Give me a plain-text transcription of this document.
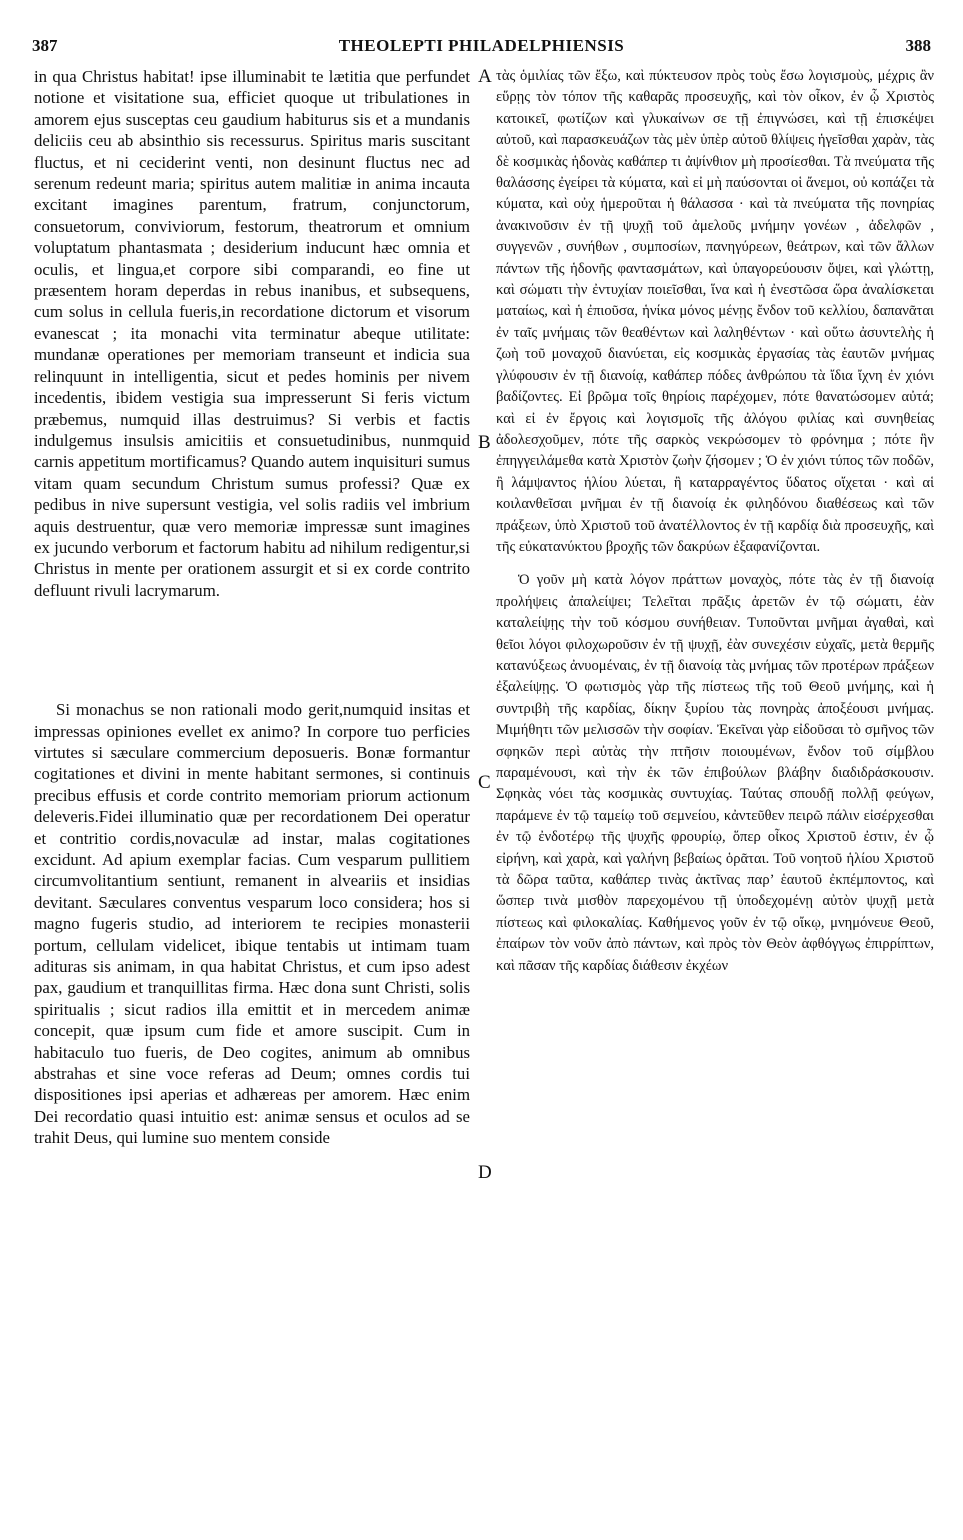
387	THEOLEPTI PHILADELPHIENSIS	388

in qua Christus habitat! ipse illuminabit te lætitia que perfundet notione et visitatione sua, efficiet quoque ut tribulationes in amorem ejus susceptas ceu gaudium habiturus sis et a mundanis deliciis ceu ab absinthio sis recessurus. Spiritus maris suscitant fluctus, et ni ceciderint venti, non desinunt fluctus nec ad serenum redeunt maria; spiritus autem malitiæ in anima incauta excitant imagines parentum, fratrum, conjunctorum, consuetorum, conviviorum, festorum, theatrorum et omnium voluptatum phantasmata ; desiderium inducunt hæc omnia et oculis, et lingua,et corpore sibi comparandi, eo fine ut præsentem horam deperdas in rebus inanibus, et subsequens, cum solus in cellula fueris,in recordatione dictorum et visorum evanescat ; ita monachi vita terminatur abeque utilitate: mundanæ operationes per memoriam transeunt et indicia sua relinquunt in intelligentia, sicut et pedes hominis per nivem incedentis, ibidem vestigia sua impresserunt Si feris victum præbemus, numquid illas destruimus? Si verbis et factis indulgemus insulsis amicitiis et consuetudinibus, nunmquid carnis appetitum mortificamus? Quando autem inquisituri sumus vitam quam secundum Christum sumus professi? Quæ ex pedibus in nive supersunt vestigia, vel solis radiis vel imbrium aquis destruentur, quæ vero memoriæ impressæ sunt imagines ex jucundo verborum et factorum habitu ad nihilum redigentur,si Christus in mente per orationem assurgit et si ex corde contrito defluunt rivuli lacrymarum.

Si monachus se non rationali modo gerit,numquid insitas et impressas opiniones evellet ex animo? In corpore tuo perficies virtutes si sæculare commercium deposueris. Bonæ formantur cogitationes et divini in mente habitant sermones, si continuis precibus effusis et corde contrito memoriam priorum actionum deleveris.Fidei illuminatio quæ per recordationem Dei operatur et contritio cordis,novaculæ ad instar, malas cogitationes excidunt. Ad apium exemplar facias. Cum vesparum pullitiem circumvolitantium sentiunt, remanent in alveariis et insidias devitant. Sæculares conventus vesparum loco considera; hos si magno fugeris studio, ad interiorem te recipies monasterii portum, cellulam videlicet, ibique tentabis ut intimam tuam adituras sis animam, in qua habitat Christus, et cum ipso adest pax, gaudium et tranquillitas firma. Hæc dona sunt Christi, solis spiritualis ; sicut radios illa emittit et in mercedem animæ concepit, quæ ipsum cum fide et amore suscipit. Cum in habitaculo tuo fueris, de Deo cogites, animum ab omnibus abstrahas et sine voce referas ad Deum; omnes cordis tui dispositiones ipsi aperias et adhæreas per amorem. Hæc enim Dei recordatio quasi intuitio est: animæ sensus et oculos ad se trahit Deus, qui lumine suo mentem conside

A
B
C
D

τὰς ὁμιλίας τῶν ἔξω, καὶ πύκτευσον πρὸς τοὺς ἔσω λογισμοὺς, μέχρις ἂν εὕρῃς τὸν τόπον τῆς καθαρᾶς προσευχῆς, καὶ τὸν οἶκον, ἐν ᾧ Χριστὸς κατοικεῖ, φωτίζων καὶ γλυκαίνων σε τῇ ἐπιγνώσει, καὶ τῇ ἐπισκέψει αὐτοῦ, καὶ παρασκευάζων τὰς μὲν ὑπὲρ αὐτοῦ θλίψεις ἡγεῖσθαι χαρὰν, τὰς δὲ κοσμικὰς ἡδονὰς καθάπερ τι ἀψίνθιον μὴ προσίεσθαι. Τὰ πνεύματα τῆς θαλάσσης ἐγείρει τὰ κύματα, καὶ εἰ μὴ παύσονται οἱ ἄνεμοι, οὐ κοπάζει τὰ κύματα, καὶ οὐχ ἡμεροῦται ἡ θάλασσα · καὶ τὰ πνεύματα τῆς πονηρίας ἀνακινοῦσιν ἐν τῇ ψυχῇ τοῦ ἀμελοῦς μνήμην γονέων , ἀδελφῶν , συγγενῶν , συνήθων , συμποσίων, πανηγύρεων, θεάτρων, καὶ τῶν ἄλλων πάντων τῆς ἡδονῆς φαντασμάτων, καὶ ὑπαγορεύουσιν ὄψει, καὶ γλώττῃ, καὶ σώματι τὴν ἐντυχίαν ποιεῖσθαι, ἵνα καὶ ἡ ἐνεστῶσα ὥρα ἀναλίσκεται ματαίως, καὶ ἡ ἐπιοῦσα, ἡνίκα μόνος μένῃς ἔνδον τοῦ κελλίου, δαπανᾶται ἐν ταῖς μνήμαις τῶν θεαθέντων καὶ λαληθέντων · καὶ οὕτω ἀσυντελὴς ἡ ζωὴ τοῦ μοναχοῦ διανύεται, εἰς κοσμικὰς ἐργασίας τὰς ἑαυτῶν μνήμας γλύφουσιν ἐν τῇ διανοίᾳ, καθάπερ πόδες ἀνθρώπου τὰ ἴδια ἴχνη ἐν χιόνι βαδίζοντες. Εἰ βρῶμα τοῖς θηρίοις παρέχομεν, πότε θανατώσομεν αὐτά; καὶ εἰ ἐν ἔργοις καὶ λογισμοῖς τῆς ἀλόγου φιλίας καὶ συνηθείας ἀδολεσχοῦμεν, πότε τῆς σαρκὸς νεκρώσομεν τὸ φρόνημα ; πότε ἣν ἐπηγγειλάμεθα κατὰ Χριστὸν ζωὴν ζήσομεν ; Ὁ ἐν χιόνι τύπος τῶν ποδῶν, ἢ λάμψαντος ἡλίου λύεται, ἢ καταρραγέντος ὕδατος οἴχεται · καὶ αἱ κοιλανθεῖσαι μνῆμαι ἐν τῇ διανοίᾳ ἐκ φιληδόνου διαθέσεως καὶ τῶν πράξεων, ὑπὸ Χριστοῦ τοῦ ἀνατέλλοντος ἐν τῇ καρδίᾳ διὰ προσευχῆς, καὶ τῆς εὐκατανύκτου βροχῆς τῶν δακρύων ἐξαφανίζονται.

Ὁ γοῦν μὴ κατὰ λόγον πράττων μοναχὸς, πότε τὰς ἐν τῇ διανοίᾳ προλήψεις ἀπαλείψει; Τελεῖται πρᾶξις ἀρετῶν ἐν τῷ σώματι, ἐὰν καταλείψῃς τὴν τοῦ κόσμου συνήθειαν. Τυποῦνται μνῆμαι ἀγαθαὶ, καὶ θεῖοι λόγοι φιλοχωροῦσιν ἐν τῇ ψυχῇ, ἐὰν συνεχέσιν εὐχαῖς, μετὰ θερμῆς κατανύξεως ἀνυομέναις, ἐν τῇ διανοίᾳ τὰς μνήμας τῶν προτέρων πράξεων ἐξαλείψῃς. Ὁ φωτισμὸς γὰρ τῆς πίστεως τῆς τοῦ Θεοῦ μνήμης, καὶ ἡ συντριβὴ τῆς καρδίας, δίκην ξυρίου τὰς πονηρὰς ἀποξέουσι μνήμας. Μιμήθητι τῶν μελισσῶν τὴν σοφίαν. Ἐκεῖναι γὰρ εἰδοῦσαι τὸ σμῆνος τῶν σφηκῶν περὶ αὐτὰς τὴν πτῆσιν ποιουμένων, ἔνδον τοῦ σίμβλου παραμένουσι, καὶ τὴν ἐκ τῶν ἐπιβούλων βλάβην διαδιδράσκουσιν. Σφηκὰς νόει τὰς κοσμικὰς συντυχίας. Ταύτας σπουδῇ πολλῇ φεύγων, παράμενε ἐν τῷ ταμείῳ τοῦ σεμνείου, κἀντεῦθεν πειρῶ πάλιν εἰσέρχεσθαι ἐν τῷ ἐνδοτέρῳ τῆς ψυχῆς φρουρίῳ, ὅπερ οἶκος Χριστοῦ ἐστιν, ἐν ᾧ εἰρήνη, καὶ χαρὰ, καὶ γαλήνη βεβαίως ὁρᾶται. Τοῦ νοητοῦ ἡλίου Χριστοῦ τὰ δῶρα ταῦτα, καθάπερ τινὰς ἀκτῖνας παρ’ ἑαυτοῦ ἐκπέμποντος, καὶ ὥσπερ τινὰ μισθὸν παρεχομένου τῇ ὑποδεχομένῃ αὐτὸν ψυχῇ μετὰ πίστεως καὶ φιλοκαλίας. Καθήμενος γοῦν ἐν τῷ οἴκῳ, μνημόνευε Θεοῦ, ἐπαίρων τὸν νοῦν ἀπὸ πάντων, καὶ πρὸς τὸν Θεὸν ἀφθόγγως ἐπιρρίπτων, καὶ πᾶσαν τῆς καρδίας διάθεσιν ἐκχέων
